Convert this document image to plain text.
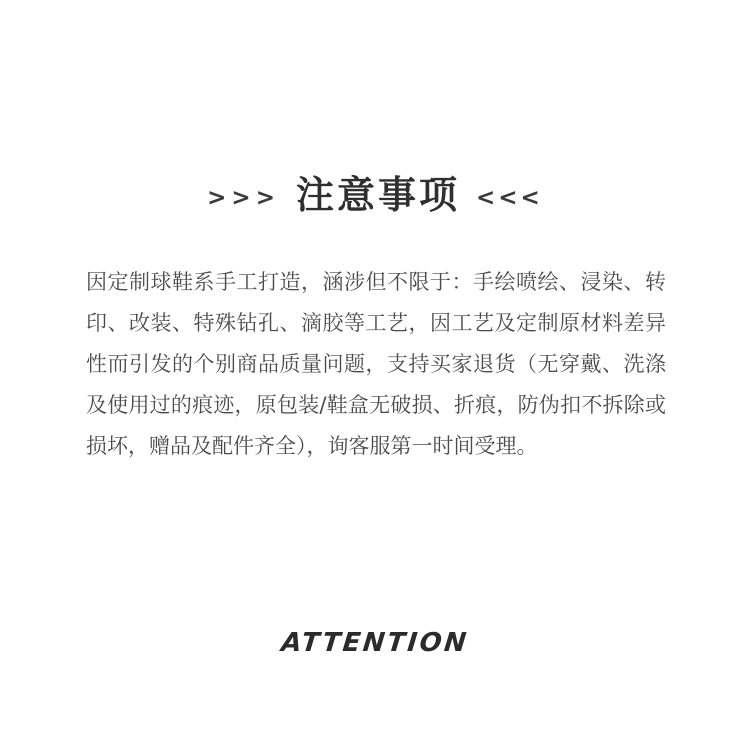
>>> 注意事项 <<<
因定制球鞋系手工打造，涵涉但不限于：手绘喷绘、浸染、转印、改装、特殊钻孔、滴胶等工艺，因工艺及定制原材料差异性而引发的个别商品质量问题，支持买家退货（无穿戴、洗涤及使用过的痕迹，原包装/鞋盒无破损、折痕，防伪扣不拆除或损坏，赠品及配件齐全），询客服第一时间受理。
ATTENTION
